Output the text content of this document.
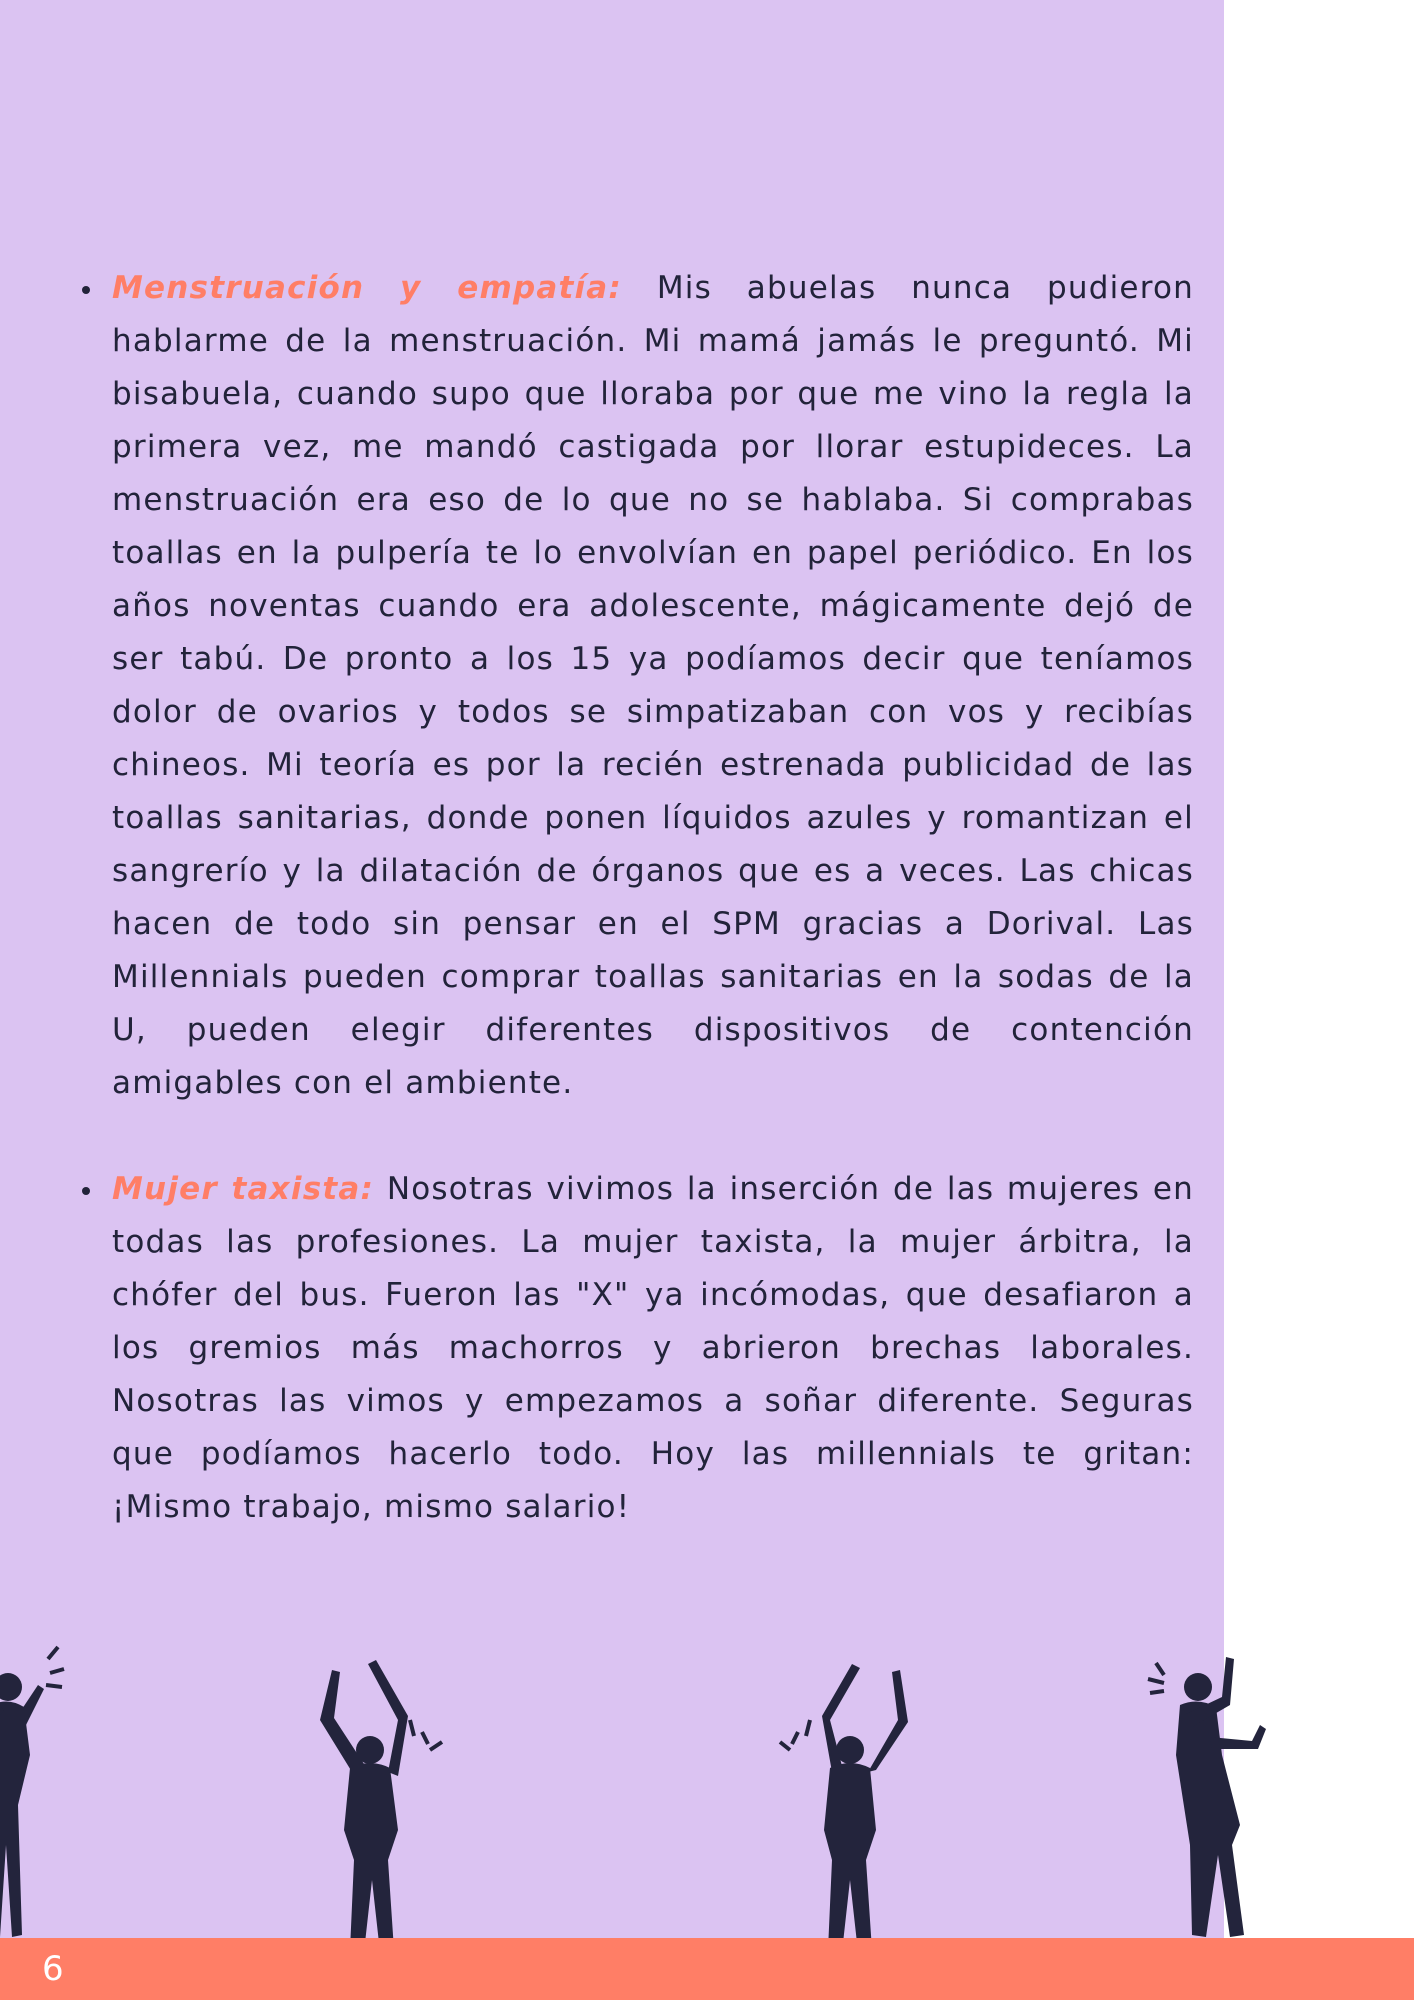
Menstruación y empatía: Mis abuelas nunca pudieron hablarme de la menstruación. Mi mamá jamás le preguntó. Mi bisabuela, cuando supo que lloraba por que me vino la regla la primera vez, me mandó castigada por llorar estupideces. La menstruación era eso de lo que no se hablaba. Si comprabas toallas en la pulpería te lo envolvían en papel periódico. En los años noventas cuando era adolescente, mágicamente dejó de ser tabú. De pronto a los 15 ya podíamos decir que teníamos dolor de ovarios y todos se simpatizaban con vos y recibías chineos. Mi teoría es por la recién estrenada publicidad de las toallas sanitarias, donde ponen líquidos azules y romantizan el sangrerío y la dilatación de órganos que es a veces. Las chicas hacen de todo sin pensar en el SPM gracias a Dorival. Las Millennials pueden comprar toallas sanitarias en la sodas de la U, pueden elegir diferentes dispositivos de contención amigables con el ambiente.
Mujer taxista: Nosotras vivimos la inserción de las mujeres en todas las profesiones. La mujer taxista, la mujer árbitra, la chófer del bus. Fueron las "X" ya incómodas, que desafiaron a los gremios más machorros y abrieron brechas laborales. Nosotras las vimos y empezamos a soñar diferente. Seguras que podíamos hacerlo todo. Hoy las millennials te gritan: ¡Mismo trabajo, mismo salario!
6
